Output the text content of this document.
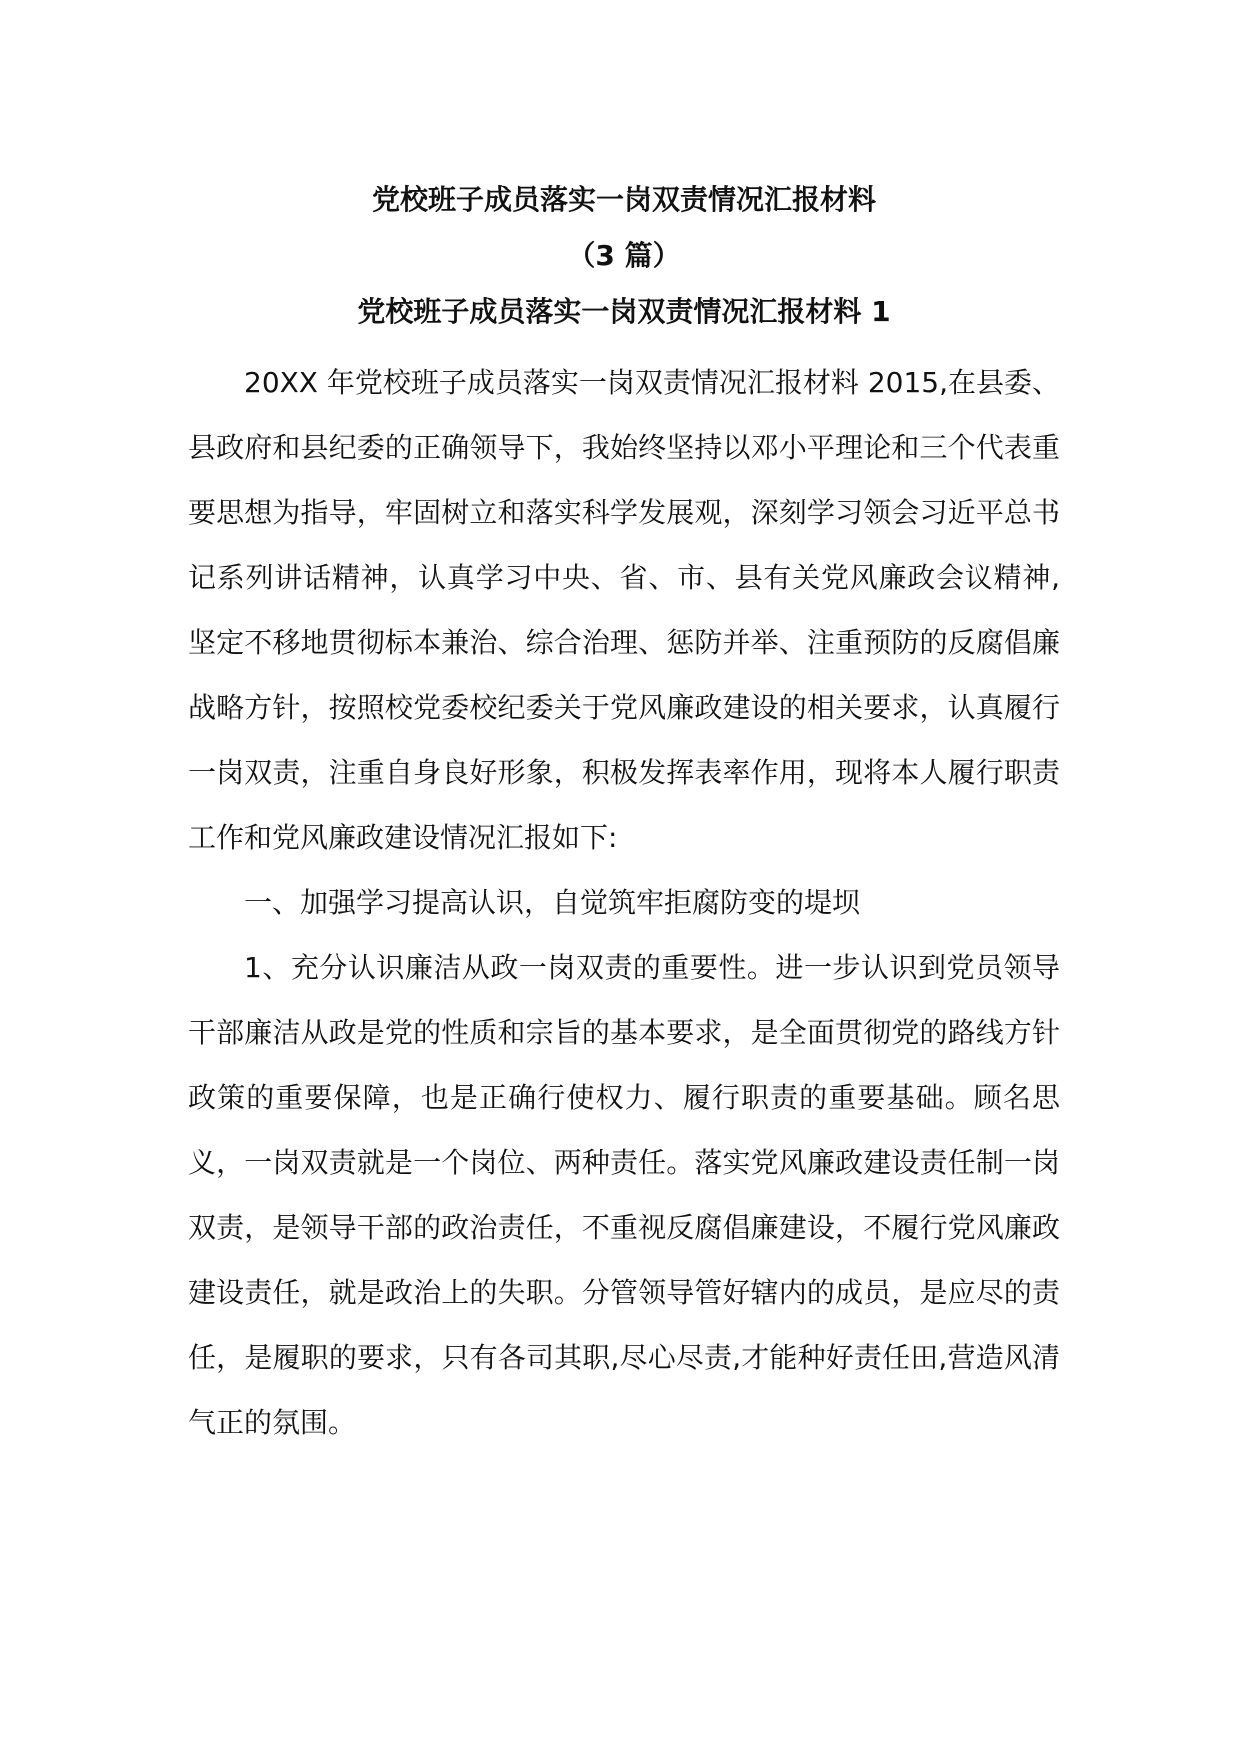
党校班子成员落实一岗双责情况汇报材料
（3 篇）
党校班子成员落实一岗双责情况汇报材料 1

20XX 年党校班子成员落实一岗双责情况汇报材料 2015,在县委、县政府和县纪委的正确领导下，我始终坚持以邓小平理论和三个代表重要思想为指导，牢固树立和落实科学发展观，深刻学习领会习近平总书记系列讲话精神，认真学习中央、省、市、县有关党风廉政会议精神,坚定不移地贯彻标本兼治、综合治理、惩防并举、注重预防的反腐倡廉战略方针，按照校党委校纪委关于党风廉政建设的相关要求，认真履行一岗双责，注重自身良好形象，积极发挥表率作用，现将本人履行职责工作和党风廉政建设情况汇报如下:

一、加强学习提高认识，自觉筑牢拒腐防变的堤坝

1、充分认识廉洁从政一岗双责的重要性。进一步认识到党员领导干部廉洁从政是党的性质和宗旨的基本要求，是全面贯彻党的路线方针政策的重要保障，也是正确行使权力、履行职责的重要基础。顾名思义，一岗双责就是一个岗位、两种责任。落实党风廉政建设责任制一岗双责，是领导干部的政治责任，不重视反腐倡廉建设，不履行党风廉政建设责任，就是政治上的失职。分管领导管好辖内的成员，是应尽的责任，是履职的要求，只有各司其职,尽心尽责,才能种好责任田,营造风清气正的氛围。
